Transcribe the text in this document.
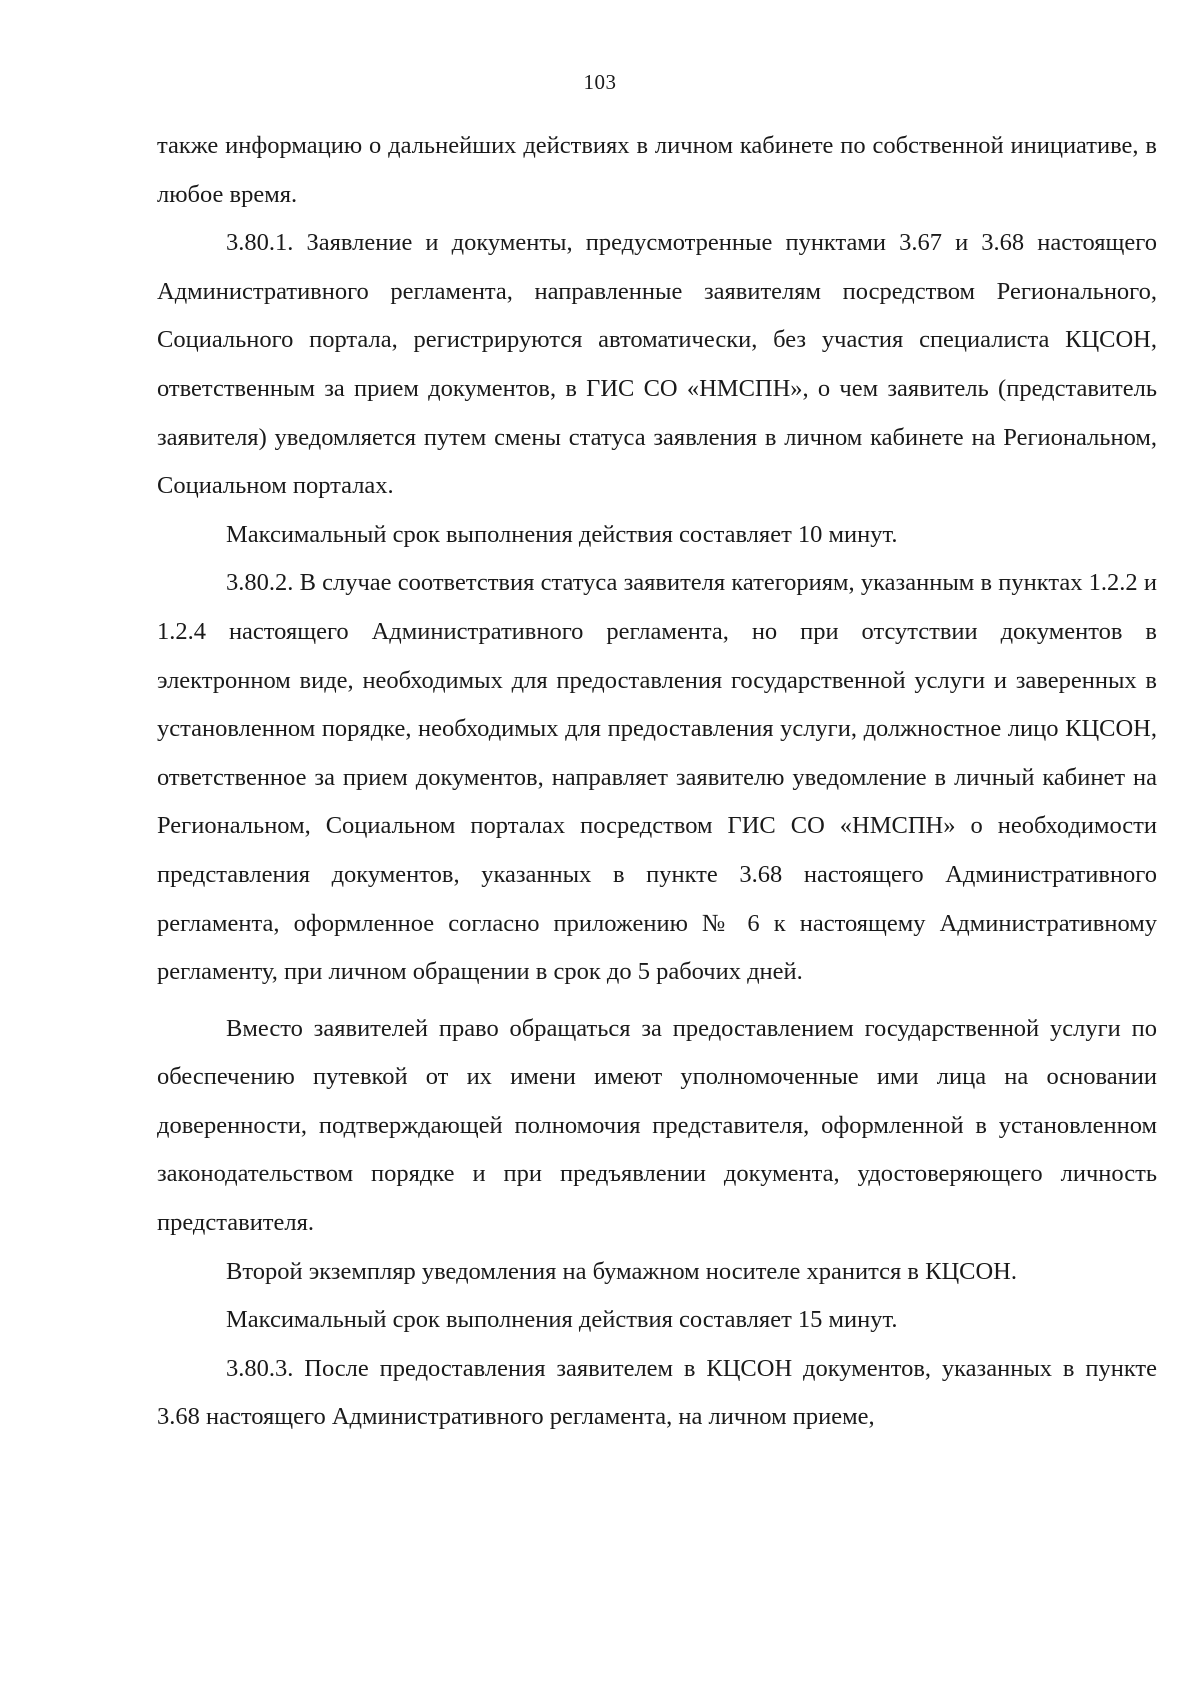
103

также информацию о дальнейших действиях в личном кабинете по собственной инициативе, в любое время.

3.80.1. Заявление и документы, предусмотренные пунктами 3.67 и 3.68 настоящего Административного регламента, направленные заявителям посредством Регионального, Социального портала, регистрируются автоматически, без участия специалиста КЦСОН, ответственным за прием документов, в ГИС СО «НМСПН», о чем заявитель (представитель заявителя) уведомляется путем смены статуса заявления в личном кабинете на Региональном, Социальном порталах.

Максимальный срок выполнения действия составляет 10 минут.

3.80.2. В случае соответствия статуса заявителя категориям, указанным в пунктах 1.2.2 и 1.2.4 настоящего Административного регламента, но при отсутствии документов в электронном виде, необходимых для предоставления государственной услуги и заверенных в установленном порядке, необходимых для предоставления услуги, должностное лицо КЦСОН, ответственное за прием документов, направляет заявителю уведомление в личный кабинет на Региональном, Социальном порталах посредством ГИС СО «НМСПН» о необходимости представления документов, указанных в пункте 3.68 настоящего Административного регламента, оформленное согласно приложению № 6 к настоящему Административному регламенту, при личном обращении в срок до 5 рабочих дней.

Вместо заявителей право обращаться за предоставлением государственной услуги по обеспечению путевкой от их имени имеют уполномоченные ими лица на основании доверенности, подтверждающей полномочия представителя, оформленной в установленном законодательством порядке и при предъявлении документа, удостоверяющего личность представителя.

Второй экземпляр уведомления на бумажном носителе хранится в КЦСОН.

Максимальный срок выполнения действия составляет 15 минут.

3.80.3. После предоставления заявителем в КЦСОН документов, указанных в пункте 3.68 настоящего Административного регламента, на личном приеме,
